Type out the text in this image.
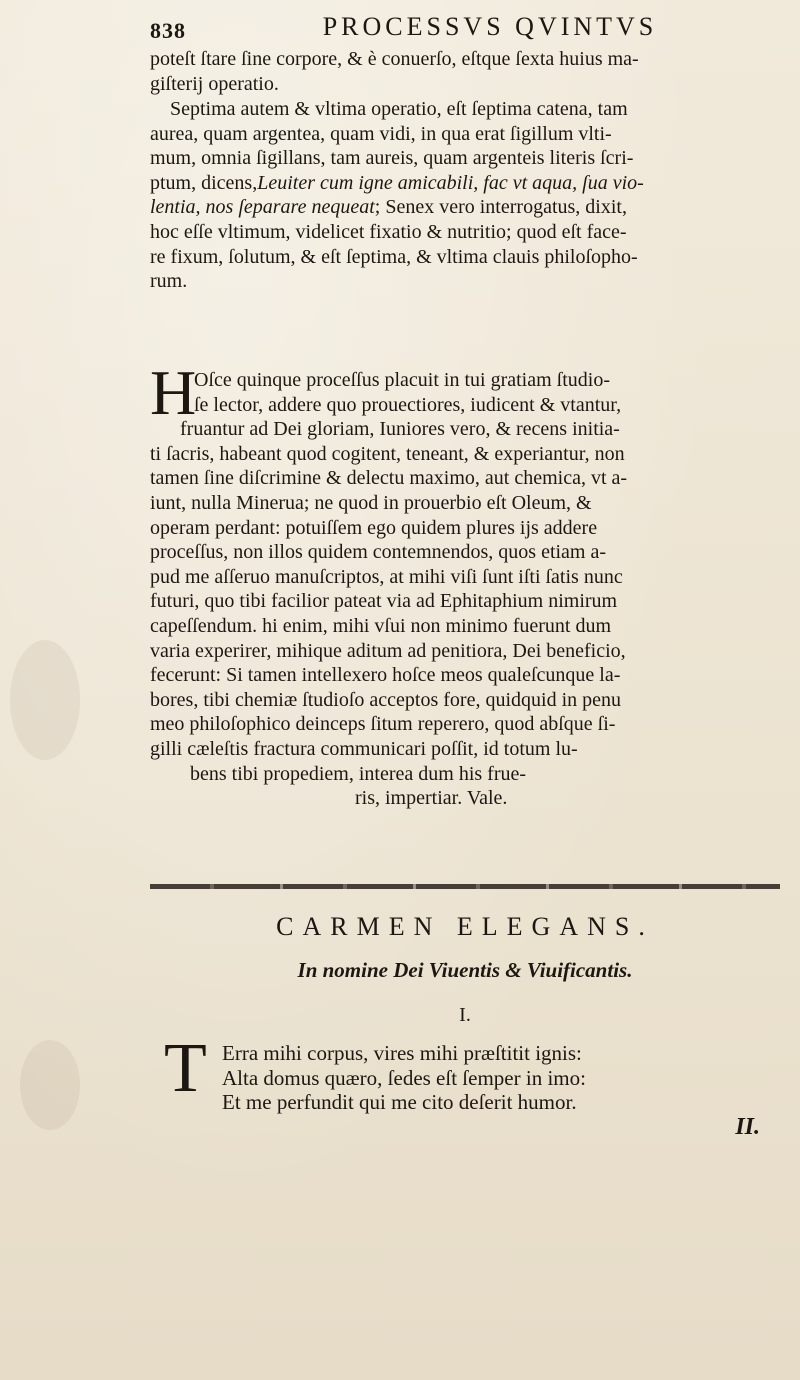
838	PROCESSVS QVINTVS
poteſt ſtare ſine corpore, & è conuerſo, eſtque ſexta huius ma-
giſterij operatio.
Septima autem & vltima operatio, eſt ſeptima catena, tam
aurea, quam argentea, quam vidi, in qua erat ſigillum vlti-
mum, omnia ſigillans, tam aureis, quam argenteis literis ſcri-
ptum, dicens,Leuiter cum igne amicabili, fac vt aqua, ſua vio-
lentia, nos ſeparare nequeat; Senex vero interrogatus, dixit,
hoc eſſe vltimum, videlicet fixatio & nutritio; quod eſt face-
re fixum, ſolutum, & eſt ſeptima, & vltima clauis philoſopho-
rum.
H
Oſce quinque proceſſus placuit in tui gratiam ſtudio-
ſe lector, addere quo prouectiores, iudicent & vtantur,
fruantur ad Dei gloriam, Iuniores vero, & recens initia-
ti ſacris, habeant quod cogitent, teneant, & experiantur, non
tamen ſine diſcrimine & delectu maximo, aut chemica, vt a-
iunt, nulla Minerua; ne quod in prouerbio eſt Oleum, &
operam perdant: potuiſſem ego quidem plures ijs addere
proceſſus, non illos quidem contemnendos, quos etiam a-
pud me aſſeruo manuſcriptos, at mihi viſi ſunt iſti ſatis nunc
futuri, quo tibi facilior pateat via ad Ephitaphium nimirum
capeſſendum. hi enim, mihi vſui non minimo fuerunt dum
varia experirer, mihique aditum ad penitiora, Dei beneficio,
fecerunt: Si tamen intellexero hoſce meos qualeſcunque la-
bores, tibi chemiæ ſtudioſo acceptos fore, quidquid in penu
meo philoſophico deinceps ſitum reperero, quod abſque ſi-
gilli cæleſtis fractura communicari poſſit, id totum lu-
bens tibi propediem, interea dum his frue-
ris, impertiar. Vale.
CARMEN ELEGANS.
In nomine Dei Viuentis & Viuificantis.
I.
T Erra mihi corpus, vires mihi præſtitit ignis:
Alta domus quæro, ſedes eſt ſemper in imo:
Et me perfundit qui me cito deſerit humor.
II.
